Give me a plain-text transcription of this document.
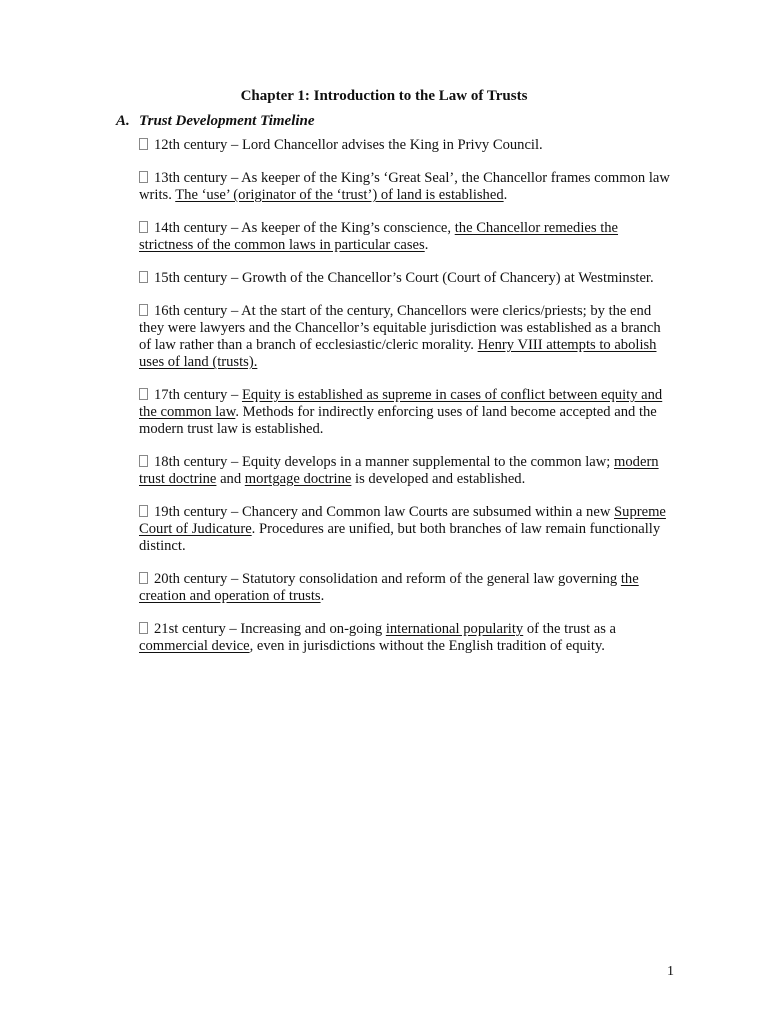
Chapter 1: Introduction to the Law of Trusts
A. Trust Development Timeline

12th century – Lord Chancellor advises the King in Privy Council.

13th century – As keeper of the King’s ‘Great Seal’, the Chancellor frames common law writs. The ‘use’ (originator of the ‘trust’) of land is established.

14th century – As keeper of the King’s conscience, the Chancellor remedies the strictness of the common laws in particular cases.

15th century – Growth of the Chancellor’s Court (Court of Chancery) at Westminster.

16th century – At the start of the century, Chancellors were clerics/priests; by the end they were lawyers and the Chancellor’s equitable jurisdiction was established as a branch of law rather than a branch of ecclesiastic/cleric morality. Henry VIII attempts to abolish uses of land (trusts).

17th century – Equity is established as supreme in cases of conflict between equity and the common law. Methods for indirectly enforcing uses of land become accepted and the modern trust law is established.

18th century – Equity develops in a manner supplemental to the common law; modern trust doctrine and mortgage doctrine is developed and established.

19th century – Chancery and Common law Courts are subsumed within a new Supreme Court of Judicature. Procedures are unified, but both branches of law remain functionally distinct.

20th century – Statutory consolidation and reform of the general law governing the creation and operation of trusts.

21st century – Increasing and on-going international popularity of the trust as a commercial device, even in jurisdictions without the English tradition of equity.

1
